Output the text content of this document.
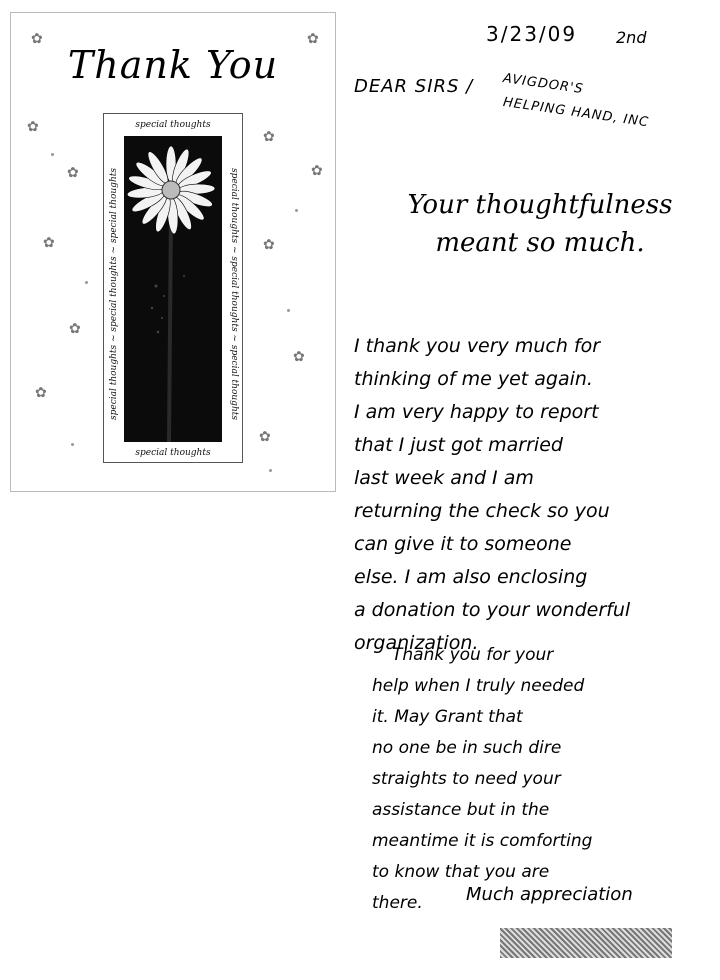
Thank You
✿	✿
✿
✿
✿
✿
✿	✿
✿
✿
✿
✿
special thoughts
special thoughts
special thoughts ~ special thoughts ~ special thoughts	special thoughts ~ special thoughts ~ special thoughts
3/23/09 2nd
DEAR SIRS / AVIGDOR'S
HELPING HAND, INC
Your thoughtfulness
meant so much.
I thank you very much for
thinking of me yet again.
I am very happy to report
that I just got married
last week and I am
returning the check so you
can give it to someone
else. I am also enclosing
a donation to your wonderful
organization.
Thank you for your
help when I truly needed
it. May Grant that
no one be in such dire
straights to need your
assistance but in the
meantime it is comforting
to know that you are
there.	Much appreciation
